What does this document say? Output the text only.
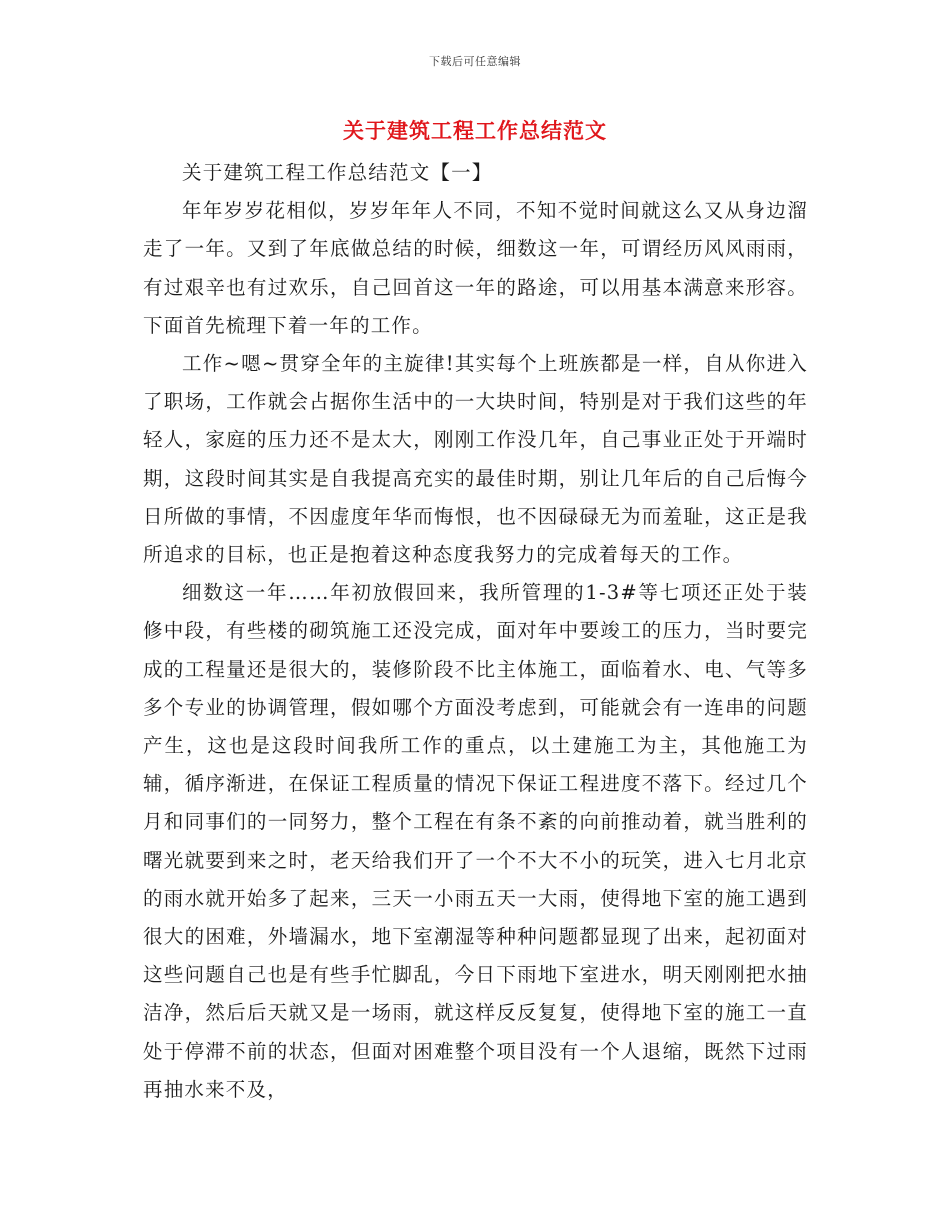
下载后可任意编辑
关于建筑工程工作总结范文

关于建筑工程工作总结范文【一】

年年岁岁花相似，岁岁年年人不同，不知不觉时间就这么又从身边溜走了一年。又到了年底做总结的时候，细数这一年，可谓经历风风雨雨，有过艰辛也有过欢乐，自己回首这一年的路途，可以用基本满意来形容。下面首先梳理下着一年的工作。

工作~嗯~贯穿全年的主旋律!其实每个上班族都是一样，自从你进入了职场，工作就会占据你生活中的一大块时间，特别是对于我们这些的年轻人，家庭的压力还不是太大，刚刚工作没几年，自己事业正处于开端时期，这段时间其实是自我提高充实的最佳时期，别让几年后的自己后悔今日所做的事情，不因虚度年华而悔恨，也不因碌碌无为而羞耻，这正是我所追求的目标，也正是抱着这种态度我努力的完成着每天的工作。

细数这一年……年初放假回来，我所管理的1-3#等七项还正处于装修中段，有些楼的砌筑施工还没完成，面对年中要竣工的压力，当时要完成的工程量还是很大的，装修阶段不比主体施工，面临着水、电、气等多多个专业的协调管理，假如哪个方面没考虑到，可能就会有一连串的问题产生，这也是这段时间我所工作的重点，以土建施工为主，其他施工为辅，循序渐进，在保证工程质量的情况下保证工程进度不落下。经过几个月和同事们的一同努力，整个工程在有条不紊的向前推动着，就当胜利的曙光就要到来之时，老天给我们开了一个不大不小的玩笑，进入七月北京的雨水就开始多了起来，三天一小雨五天一大雨，使得地下室的施工遇到很大的困难，外墙漏水，地下室潮湿等种种问题都显现了出来，起初面对这些问题自己也是有些手忙脚乱，今日下雨地下室进水，明天刚刚把水抽洁净，然后后天就又是一场雨，就这样反反复复，使得地下室的施工一直处于停滞不前的状态，但面对困难整个项目没有一个人退缩，既然下过雨再抽水来不及，
